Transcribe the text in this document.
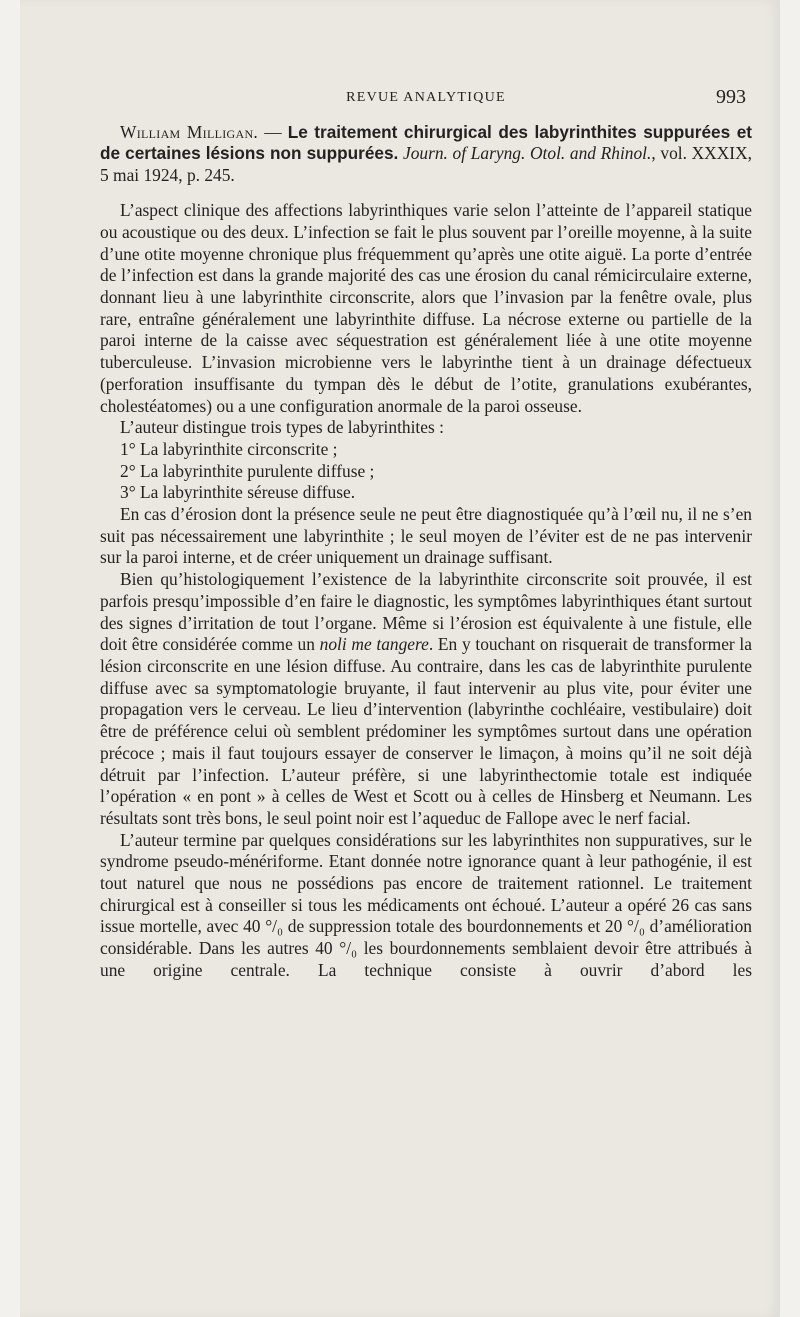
REVUE ANALYTIQUE	993
William Milligan. — Le traitement chirurgical des labyrinthites suppurées et de certaines lésions non suppurées. Journ. of Laryng. Otol. and Rhinol., vol. XXXIX, 5 mai 1924, p. 245.

L’aspect clinique des affections labyrinthiques varie selon l’atteinte de l’appareil statique ou acoustique ou des deux. L’infection se fait le plus souvent par l’oreille moyenne, à la suite d’une otite moyenne chronique plus fréquemment qu’après une otite aiguë. La porte d’entrée de l’infection est dans la grande majorité des cas une érosion du canal rémicirculaire externe, donnant lieu à une labyrinthite circonscrite, alors que l’invasion par la fenêtre ovale, plus rare, entraîne généralement une labyrinthite diffuse. La nécrose externe ou partielle de la paroi interne de la caisse avec séquestration est généralement liée à une otite moyenne tuberculeuse. L’invasion microbienne vers le labyrinthe tient à un drainage défectueux (perforation insuffisante du tympan dès le début de l’otite, granulations exubérantes, cholestéatomes) ou a une configuration anormale de la paroi osseuse.

L’auteur distingue trois types de labyrinthites :

1° La labyrinthite circonscrite ;

2° La labyrinthite purulente diffuse ;

3° La labyrinthite séreuse diffuse.

En cas d’érosion dont la présence seule ne peut être diagnostiquée qu’à l’œil nu, il ne s’en suit pas nécessairement une labyrinthite ; le seul moyen de l’éviter est de ne pas intervenir sur la paroi interne, et de créer uniquement un drainage suffisant.

Bien qu’histologiquement l’existence de la labyrinthite circonscrite soit prouvée, il est parfois presqu’impossible d’en faire le diagnostic, les symptômes labyrinthiques étant surtout des signes d’irritation de tout l’organe. Même si l’érosion est équivalente à une fistule, elle doit être considérée comme un noli me tangere. En y touchant on risquerait de transformer la lésion circonscrite en une lésion diffuse. Au contraire, dans les cas de labyrinthite purulente diffuse avec sa symptomatologie bruyante, il faut intervenir au plus vite, pour éviter une propagation vers le cerveau. Le lieu d’intervention (labyrinthe cochléaire, vestibulaire) doit être de préférence celui où semblent prédominer les symptômes surtout dans une opération précoce ; mais il faut toujours essayer de conserver le limaçon, à moins qu’il ne soit déjà détruit par l’infection. L’auteur préfère, si une labyrinthectomie totale est indiquée l’opération « en pont » à celles de West et Scott ou à celles de Hinsberg et Neumann. Les résultats sont très bons, le seul point noir est l’aqueduc de Fallope avec le nerf facial.

L’auteur termine par quelques considérations sur les labyrinthites non suppuratives, sur le syndrome pseudo-ménériforme. Etant donnée notre ignorance quant à leur pathogénie, il est tout naturel que nous ne possédions pas encore de traitement rationnel. Le traitement chirurgical est à conseiller si tous les médicaments ont échoué. L’auteur a opéré 26 cas sans issue mortelle, avec 40 °/₀ de suppression totale des bourdonnements et 20 °/₀ d’amélioration considérable. Dans les autres 40 °/₀ les bourdonnements semblaient devoir être attribués à une origine centrale. La technique consiste à ouvrir d’abord les
